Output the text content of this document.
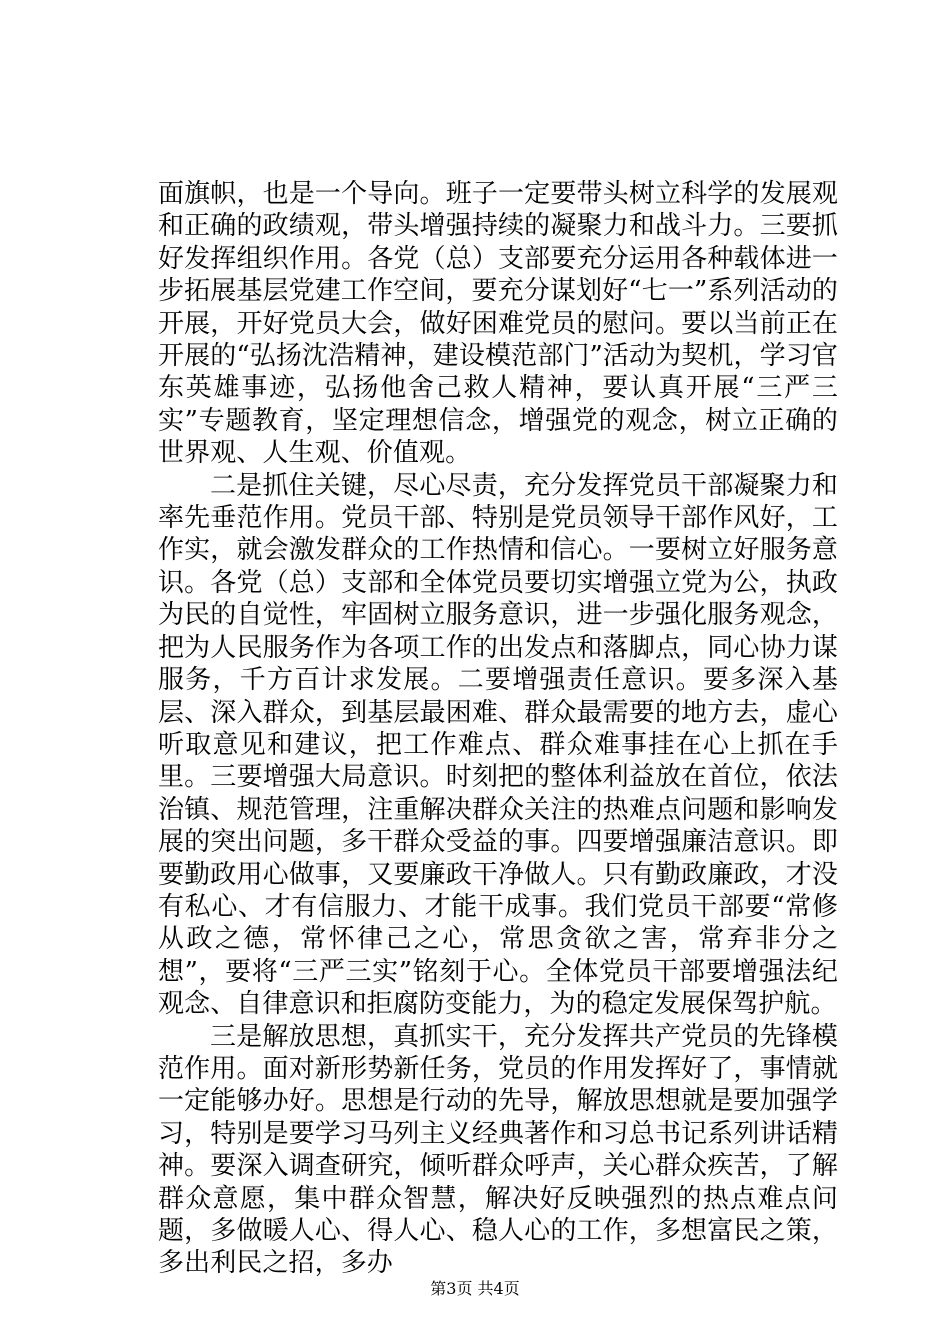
面旗帜，也是一个导向。班子一定要带头树立科学的发展观和正确的政绩观，带头增强持续的凝聚力和战斗力。三要抓好发挥组织作用。各党（总）支部要充分运用各种载体进一步拓展基层党建工作空间，要充分谋划好“七一”系列活动的开展，开好党员大会，做好困难党员的慰问。要以当前正在开展的“弘扬沈浩精神，建设模范部门”活动为契机，学习官东英雄事迹，弘扬他舍己救人精神，要认真开展“三严三实”专题教育，坚定理想信念，增强党的观念，树立正确的世界观、人生观、价值观。

二是抓住关键，尽心尽责，充分发挥党员干部凝聚力和率先垂范作用。党员干部、特别是党员领导干部作风好，工作实，就会激发群众的工作热情和信心。一要树立好服务意识。各党（总）支部和全体党员要切实增强立党为公，执政为民的自觉性，牢固树立服务意识，进一步强化服务观念，把为人民服务作为各项工作的出发点和落脚点，同心协力谋服务，千方百计求发展。二要增强责任意识。要多深入基层、深入群众，到基层最困难、群众最需要的地方去，虚心听取意见和建议，把工作难点、群众难事挂在心上抓在手里。三要增强大局意识。时刻把的整体利益放在首位，依法治镇、规范管理，注重解决群众关注的热难点问题和影响发展的突出问题，多干群众受益的事。四要增强廉洁意识。即要勤政用心做事，又要廉政干净做人。只有勤政廉政，才没有私心、才有信服力、才能干成事。我们党员干部要“常修从政之德，常怀律己之心，常思贪欲之害，常弃非分之想”，要将“三严三实”铭刻于心。全体党员干部要增强法纪观念、自律意识和拒腐防变能力，为的稳定发展保驾护航。

三是解放思想，真抓实干，充分发挥共产党员的先锋模范作用。面对新形势新任务，党员的作用发挥好了，事情就一定能够办好。思想是行动的先导，解放思想就是要加强学习，特别是要学习马列主义经典著作和习总书记系列讲话精神。要深入调查研究，倾听群众呼声，关心群众疾苦，了解群众意愿，集中群众智慧，解决好反映强烈的热点难点问题，多做暖人心、得人心、稳人心的工作，多想富民之策，多出利民之招，多办

第3页 共4页
